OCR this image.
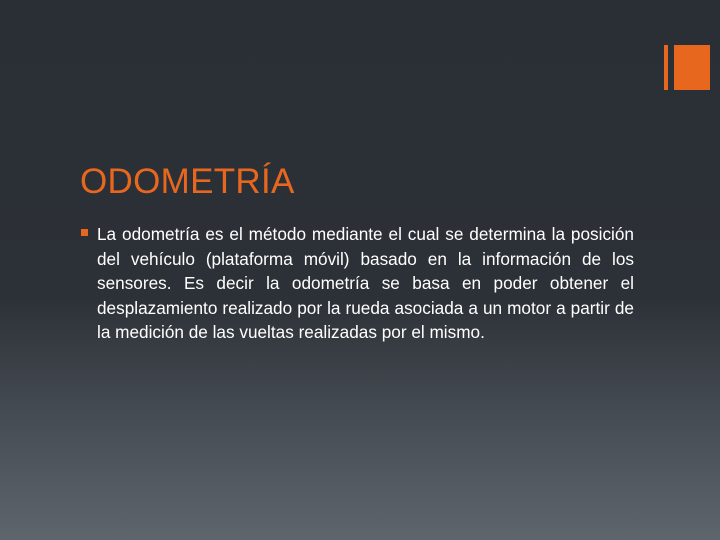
ODOMETRÍA

La odometría es el método mediante el cual se determina la posición del vehículo (plataforma móvil) basado en la información de los sensores. Es decir la odometría se basa en poder obtener el desplazamiento realizado por la rueda asociada a un motor a partir de la medición de las vueltas realizadas por el mismo.
